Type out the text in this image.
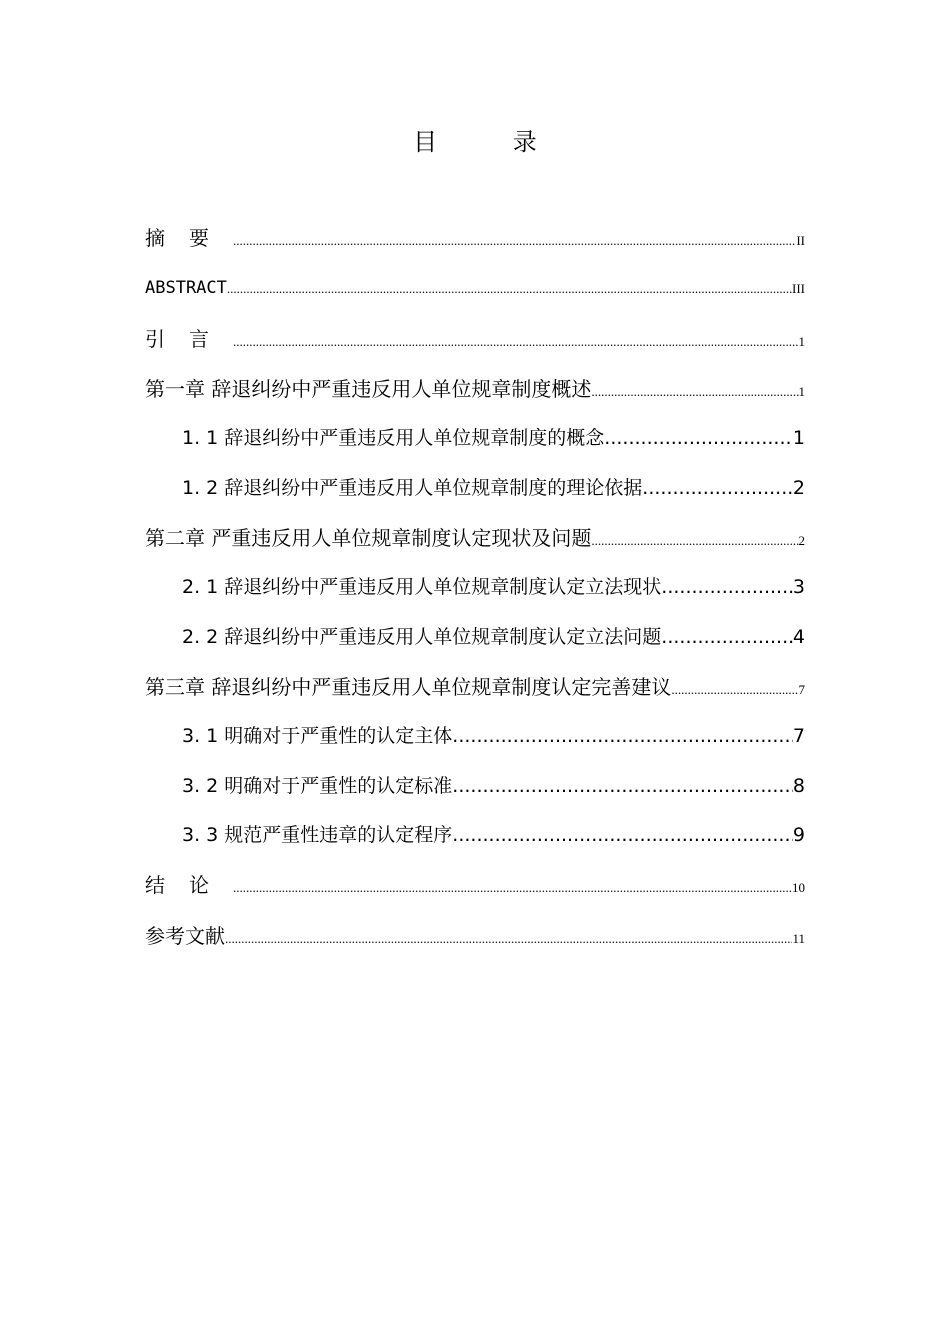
目 录
摘要 .....	II
ABSTRACT .....	III
引言 .....	1
第一章 辞退纠纷中严重违反用人单位规章制度概述 .....	1
1. 1 辞退纠纷中严重违反用人单位规章制度的概念 .....	1
1. 2 辞退纠纷中严重违反用人单位规章制度的理论依据 .....	2
第二章 严重违反用人单位规章制度认定现状及问题 .....	2
2. 1 辞退纠纷中严重违反用人单位规章制度认定立法现状 .....	3
2. 2 辞退纠纷中严重违反用人单位规章制度认定立法问题 .....	4
第三章 辞退纠纷中严重违反用人单位规章制度认定完善建议 .....	7
3. 1 明确对于严重性的认定主体 .....	7
3. 2 明确对于严重性的认定标准 .....	8
3. 3 规范严重性违章的认定程序 .....	9
结论 .....	10
参考文献 .....	11
